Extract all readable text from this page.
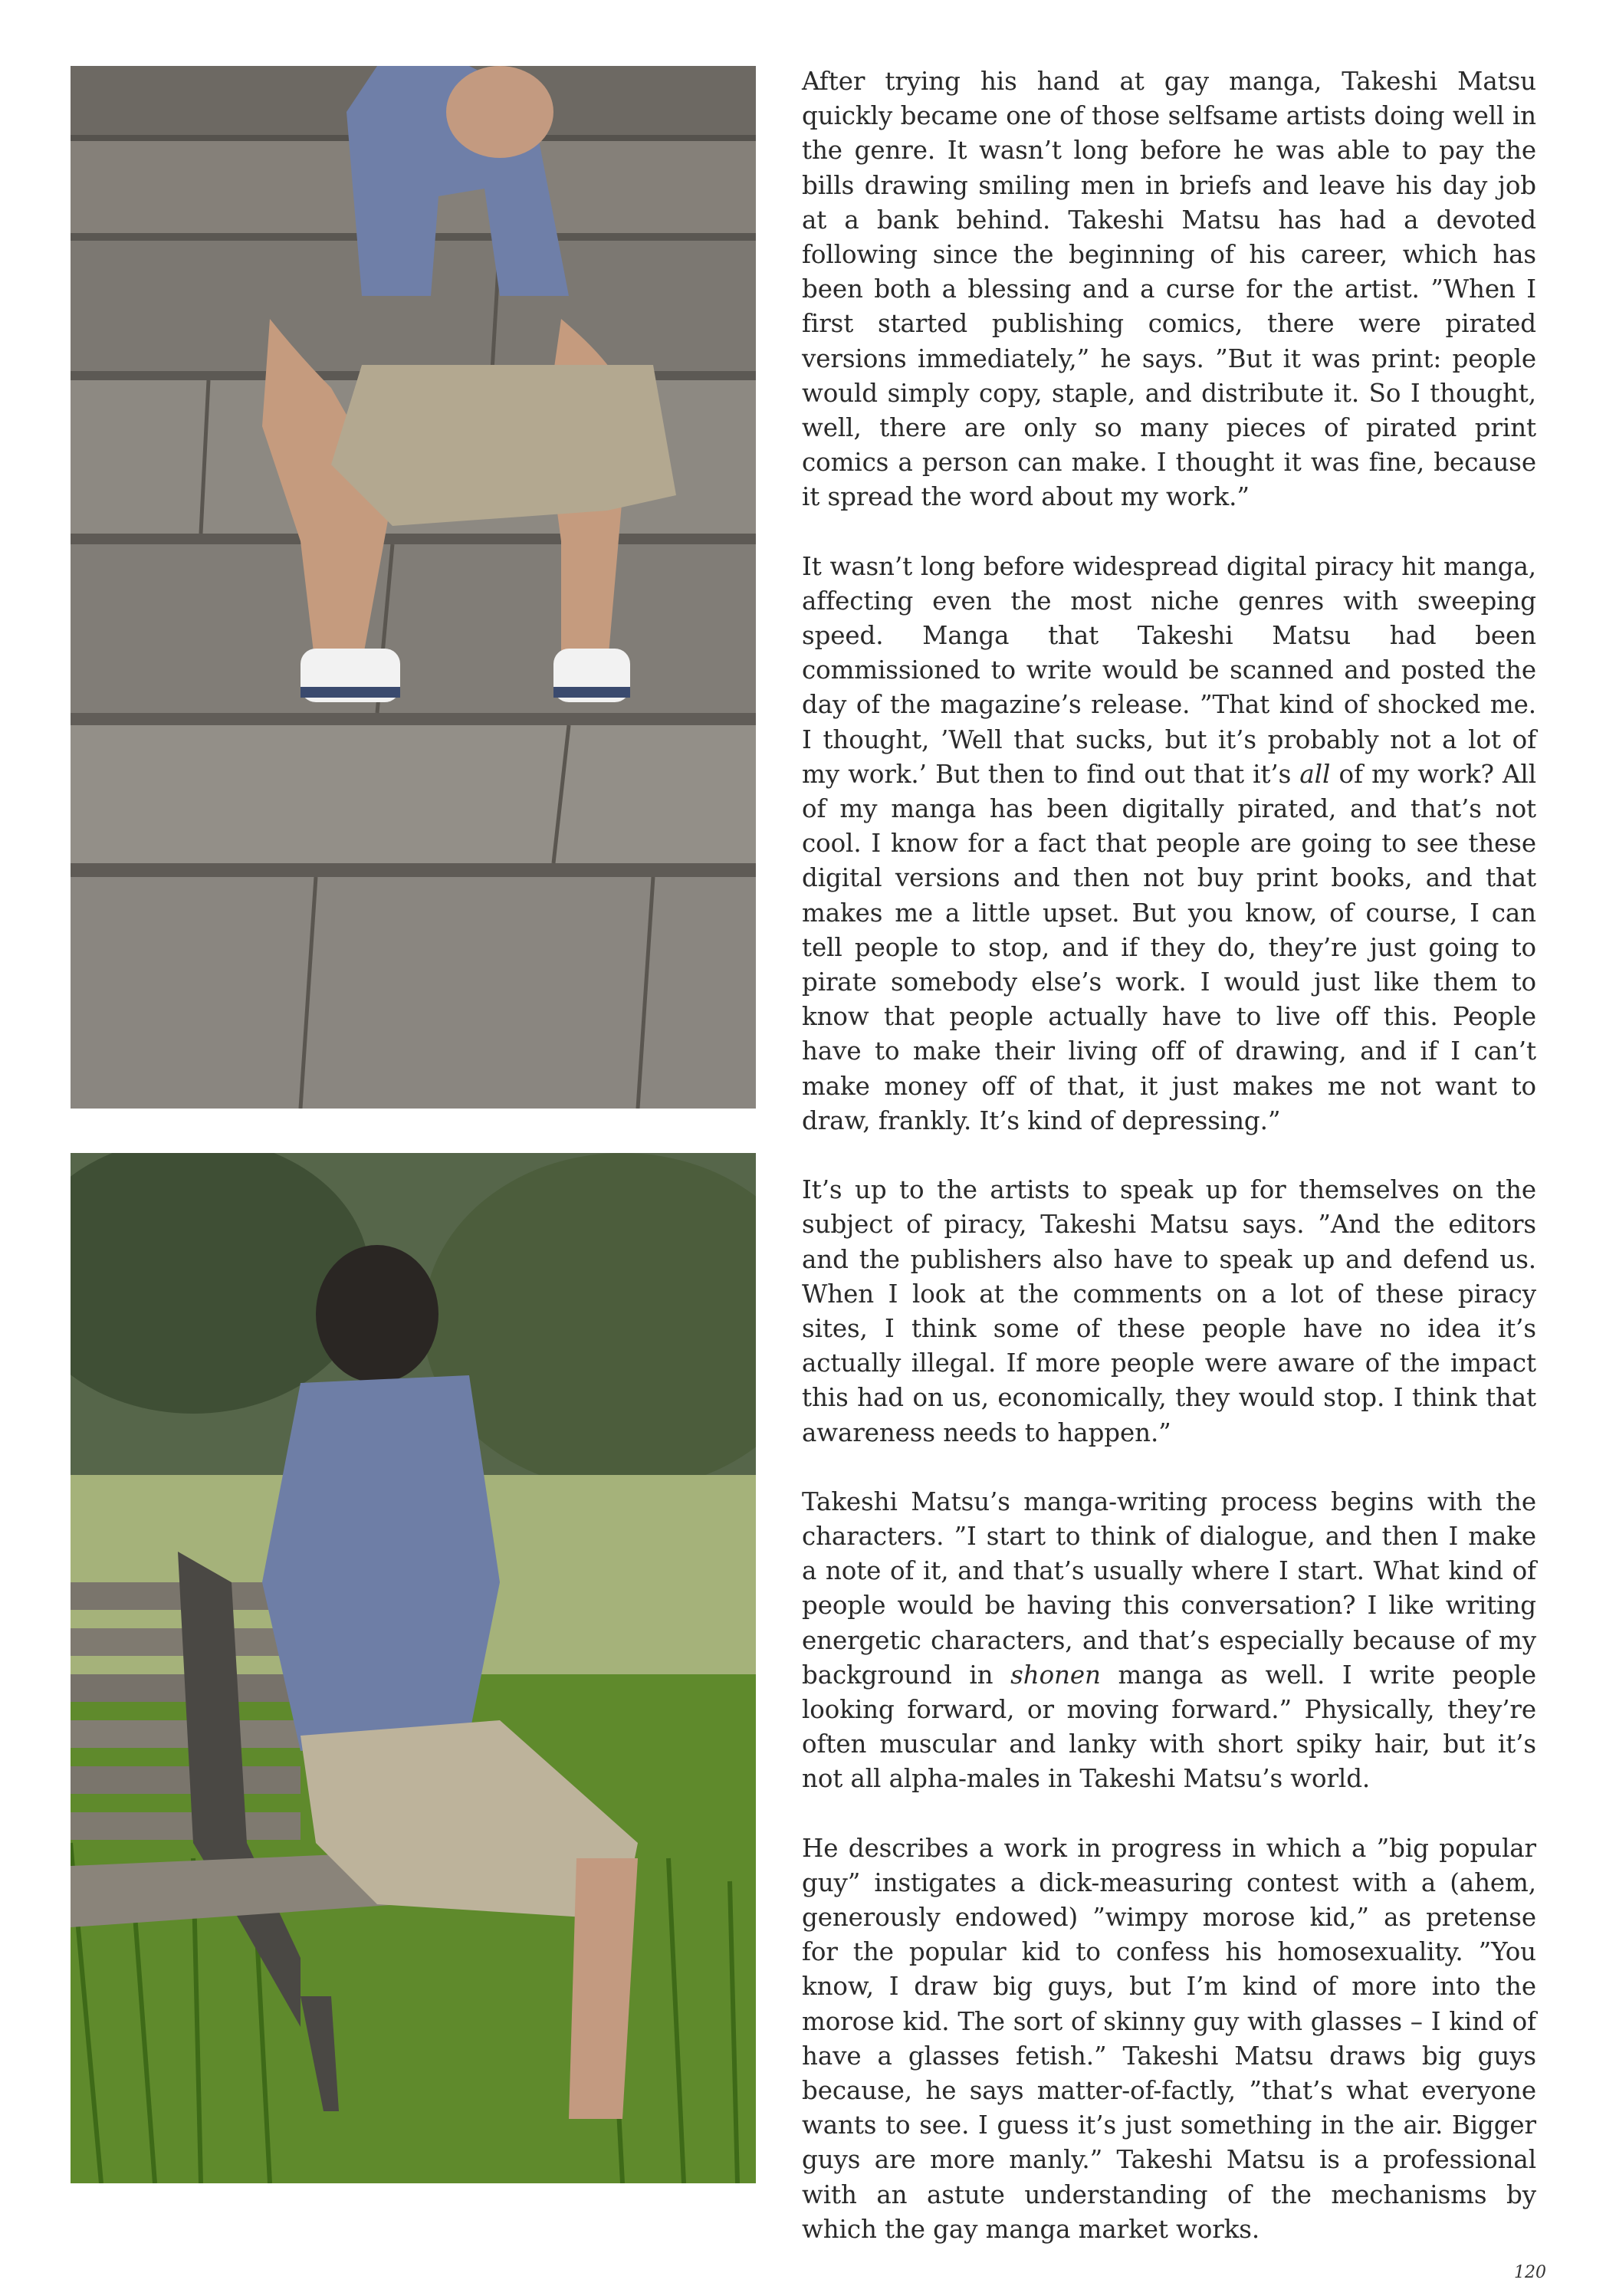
After trying his hand at gay manga, Takeshi Matsu quickly became one of those selfsame artists doing well in the genre. It wasn’t long before he was able to pay the bills drawing smiling men in briefs and leave his day job at a bank behind. Takeshi Matsu has had a devoted following since the beginning of his career, which has been both a blessing and a curse for the artist. ”When I first started publishing comics, there were pirated versions immediately,” he says. ”But it was print: people would simply copy, staple, and distribute it. So I thought, well, there are only so many pieces of pirated print comics a person can make. I thought it was fine, because it spread the word about my work.”

It wasn’t long before widespread digital piracy hit manga, affecting even the most niche genres with sweeping speed. Manga that Takeshi Matsu had been commissioned to write would be scanned and posted the day of the magazine’s release. ”That kind of shocked me. I thought, ’Well that sucks, but it’s probably not a lot of my work.’ But then to find out that it’s all of my work? All of my manga has been digitally pirated, and that’s not cool. I know for a fact that people are going to see these digital versions and then not buy print books, and that makes me a little upset. But you know, of course, I can tell people to stop, and if they do, they’re just going to pirate somebody else’s work. I would just like them to know that people actually have to live off this. People have to make their living off of drawing, and if I can’t make money off of that, it just makes me not want to draw, frankly. It’s kind of depressing.”

It’s up to the artists to speak up for themselves on the subject of piracy, Takeshi Matsu says. ”And the editors and the publishers also have to speak up and defend us. When I look at the comments on a lot of these piracy sites, I think some of these people have no idea it’s actually illegal. If more people were aware of the impact this had on us, economically, they would stop. I think that awareness needs to happen.”

Takeshi Matsu’s manga-writing process begins with the characters. ”I start to think of dialogue, and then I make a note of it, and that’s usually where I start. What kind of people would be having this conversation? I like writing energetic characters, and that’s especially because of my background in shonen manga as well. I write people looking forward, or moving forward.” Physically, they’re often muscular and lanky with short spiky hair, but it’s not all alpha-males in Takeshi Matsu’s world.

He describes a work in progress in which a ”big popular guy” instigates a dick-measuring contest with a (ahem, generously endowed) ”wimpy morose kid,” as pretense for the popular kid to confess his homosexuality. ”You know, I draw big guys, but I’m kind of more into the morose kid. The sort of skinny guy with glasses – I kind of have a glasses fetish.” Takeshi Matsu draws big guys because, he says matter-of-factly, ”that’s what everyone wants to see. I guess it’s just something in the air. Bigger guys are more manly.” Takeshi Matsu is a professional with an astute understanding of the mechanisms by which the gay manga market works.

120
